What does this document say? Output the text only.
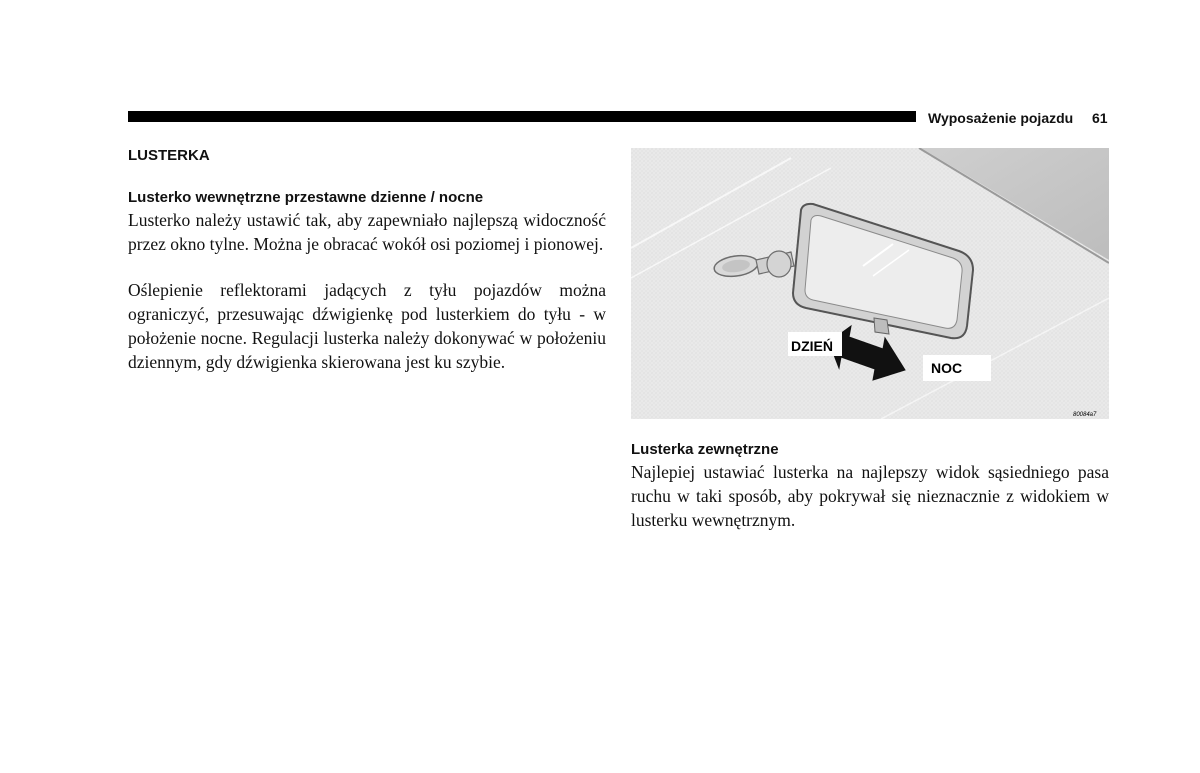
Wyposażenie pojazdu 61
LUSTERKA
Lusterko wewnętrzne przestawne dzienne / nocne

Lusterko należy ustawić tak, aby zapewniało najlepszą widoczność przez okno tylne. Można je obracać wokół osi poziomej i pionowej.

Oślepienie reflektorami jadących z tyłu pojazdów można ograniczyć, przesuwając dźwigienkę pod lusterkiem do tyłu - w położenie nocne. Regulacji lusterka należy dokonywać w położeniu dziennym, gdy dźwigienka skierowana jest ku szybie.

DZIEŃ
NOC
80084a7
Lusterka zewnętrzne

Najlepiej ustawiać lusterka na najlepszy widok sąsiedniego pasa ruchu w taki sposób, aby pokrywał się nieznacznie z widokiem w lusterku wewnętrznym.
